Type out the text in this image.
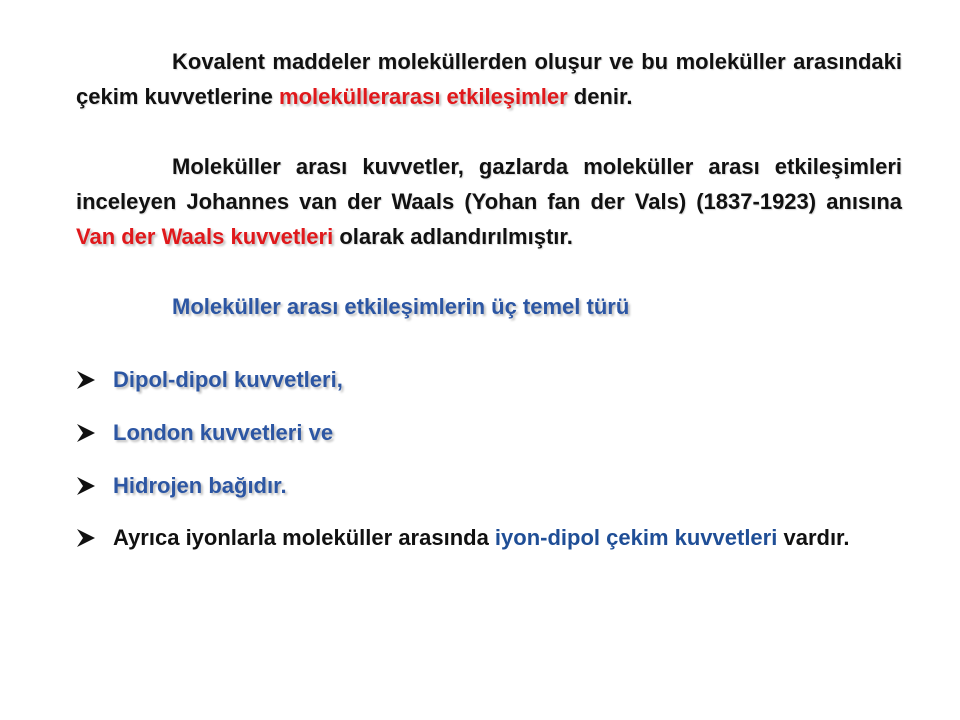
Kovalent maddeler moleküllerden oluşur ve bu moleküller arasındaki çekim kuvvetlerine moleküllerarası etkileşimler denir.

Moleküller arası kuvvetler, gazlarda moleküller arası etkileşimleri inceleyen Johannes van der Waals (Yohan fan der Vals) (1837-1923) anısına Van der Waals kuvvetleri olarak adlandırılmıştır.

Moleküller arası etkileşimlerin üç temel türü

Dipol-dipol kuvvetleri,
London kuvvetleri ve
Hidrojen bağıdır.
Ayrıca iyonlarla moleküller arasında iyon-dipol çekim kuvvetleri vardır.
